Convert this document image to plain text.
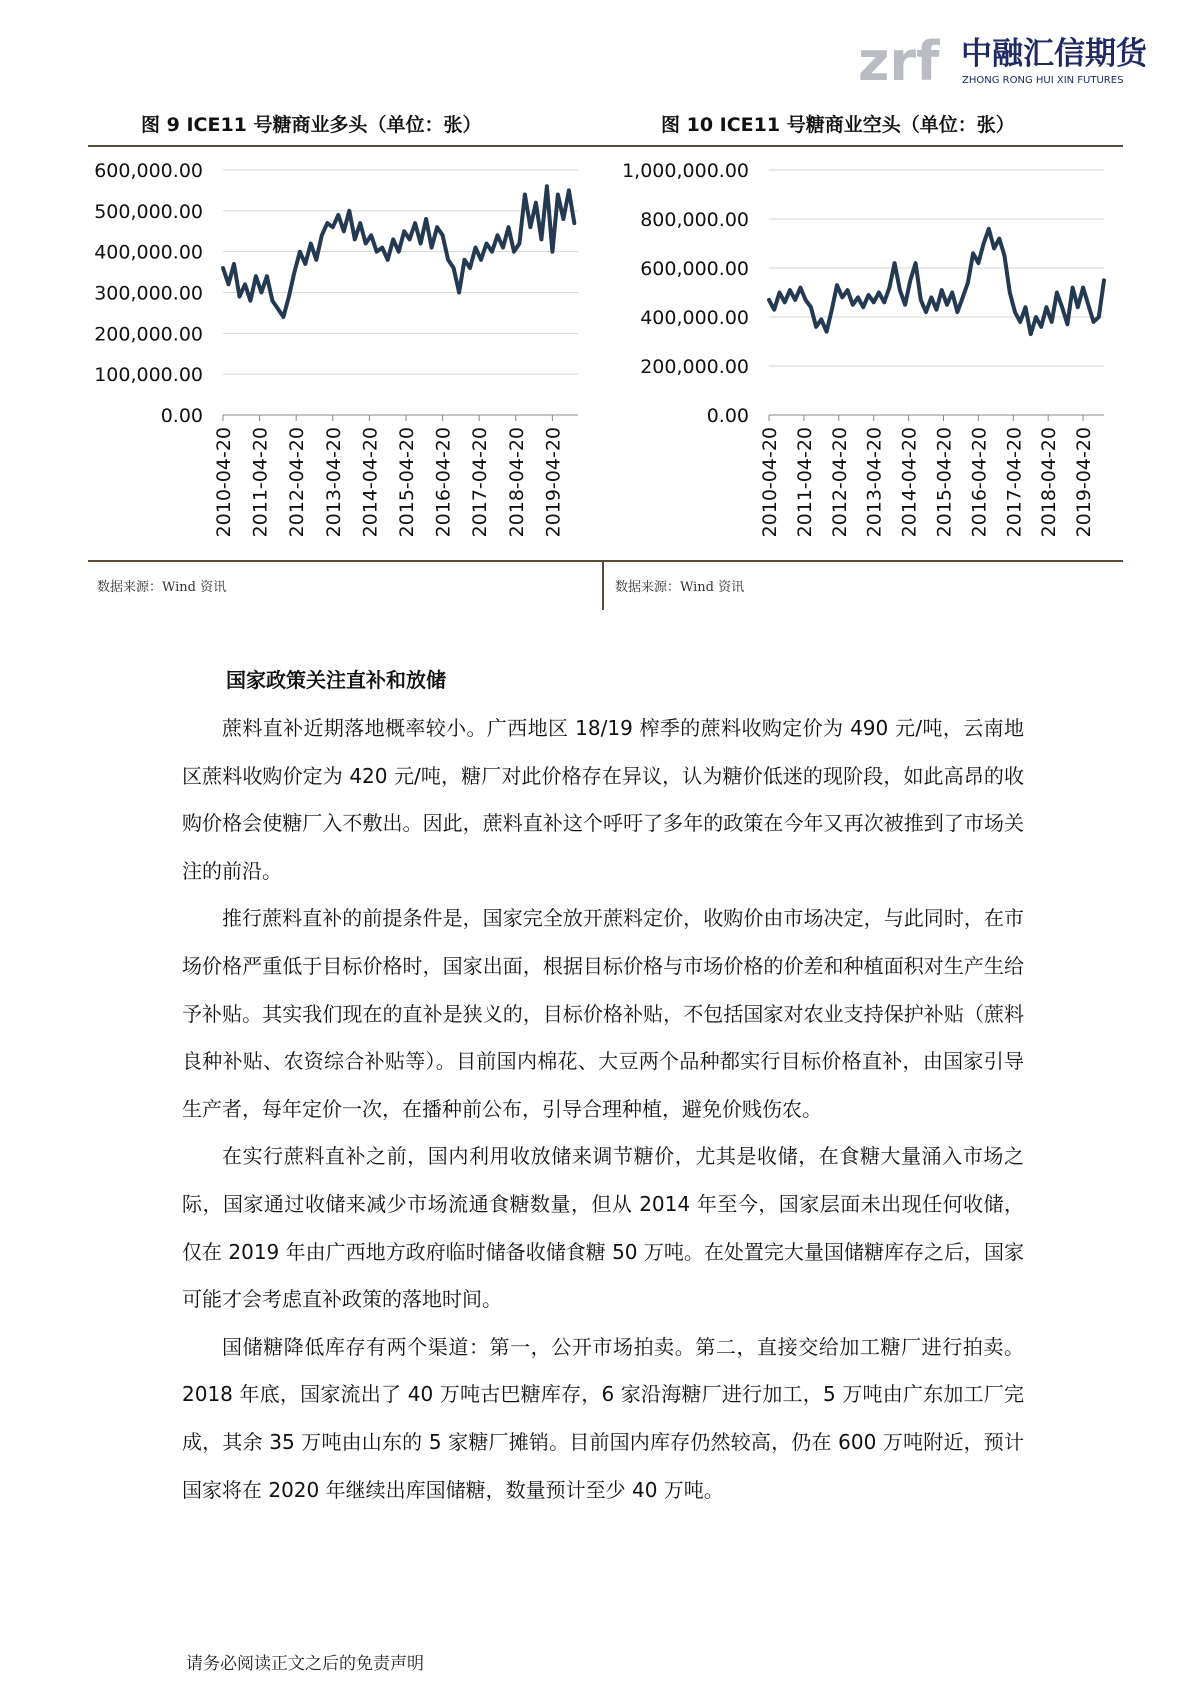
zrf 中融汇信期货
ZHONG RONG HUI XIN FUTURES
图 9 ICE11 号糖商业多头（单位：张）	图 10 ICE11 号糖商业空头（单位：张）
600,000.00
500,000.00
400,000.00
300,000.00
200,000.00
100,000.00
0.00
2010-04-20 2011-04-20 2012-04-20 2013-04-20 2014-04-20 2015-04-20 2016-04-20 2017-04-20 2018-04-20 2019-04-20
1,000,000.00
800,000.00
600,000.00
400,000.00
200,000.00
0.00
2010-04-20 2011-04-20 2012-04-20 2013-04-20 2014-04-20 2015-04-20 2016-04-20 2017-04-20 2018-04-20 2019-04-20
数据来源：Wind 资讯	数据来源：Wind 资讯
国家政策关注直补和放储

蔗料直补近期落地概率较小。广西地区 18/19 榨季的蔗料收购定价为 490 元/吨，云南地区蔗料收购价定为 420 元/吨，糖厂对此价格存在异议，认为糖价低迷的现阶段，如此高昂的收购价格会使糖厂入不敷出。因此，蔗料直补这个呼吁了多年的政策在今年又再次被推到了市场关注的前沿。

推行蔗料直补的前提条件是，国家完全放开蔗料定价，收购价由市场决定，与此同时，在市场价格严重低于目标价格时，国家出面，根据目标价格与市场价格的价差和种植面积对生产生给予补贴。其实我们现在的直补是狭义的，目标价格补贴，不包括国家对农业支持保护补贴（蔗料良种补贴、农资综合补贴等）。目前国内棉花、大豆两个品种都实行目标价格直补，由国家引导生产者，每年定价一次，在播种前公布，引导合理种植，避免价贱伤农。

在实行蔗料直补之前，国内利用收放储来调节糖价，尤其是收储，在食糖大量涌入市场之际，国家通过收储来减少市场流通食糖数量，但从 2014 年至今，国家层面未出现任何收储，仅在 2019 年由广西地方政府临时储备收储食糖 50 万吨。在处置完大量国储糖库存之后，国家可能才会考虑直补政策的落地时间。

国储糖降低库存有两个渠道：第一，公开市场拍卖。第二，直接交给加工糖厂进行拍卖。2018 年底，国家流出了 40 万吨古巴糖库存，6 家沿海糖厂进行加工，5 万吨由广东加工厂完成，其余 35 万吨由山东的 5 家糖厂摊销。目前国内库存仍然较高，仍在 600 万吨附近，预计国家将在 2020 年继续出库国储糖，数量预计至少 40 万吨。

请务必阅读正文之后的免责声明
